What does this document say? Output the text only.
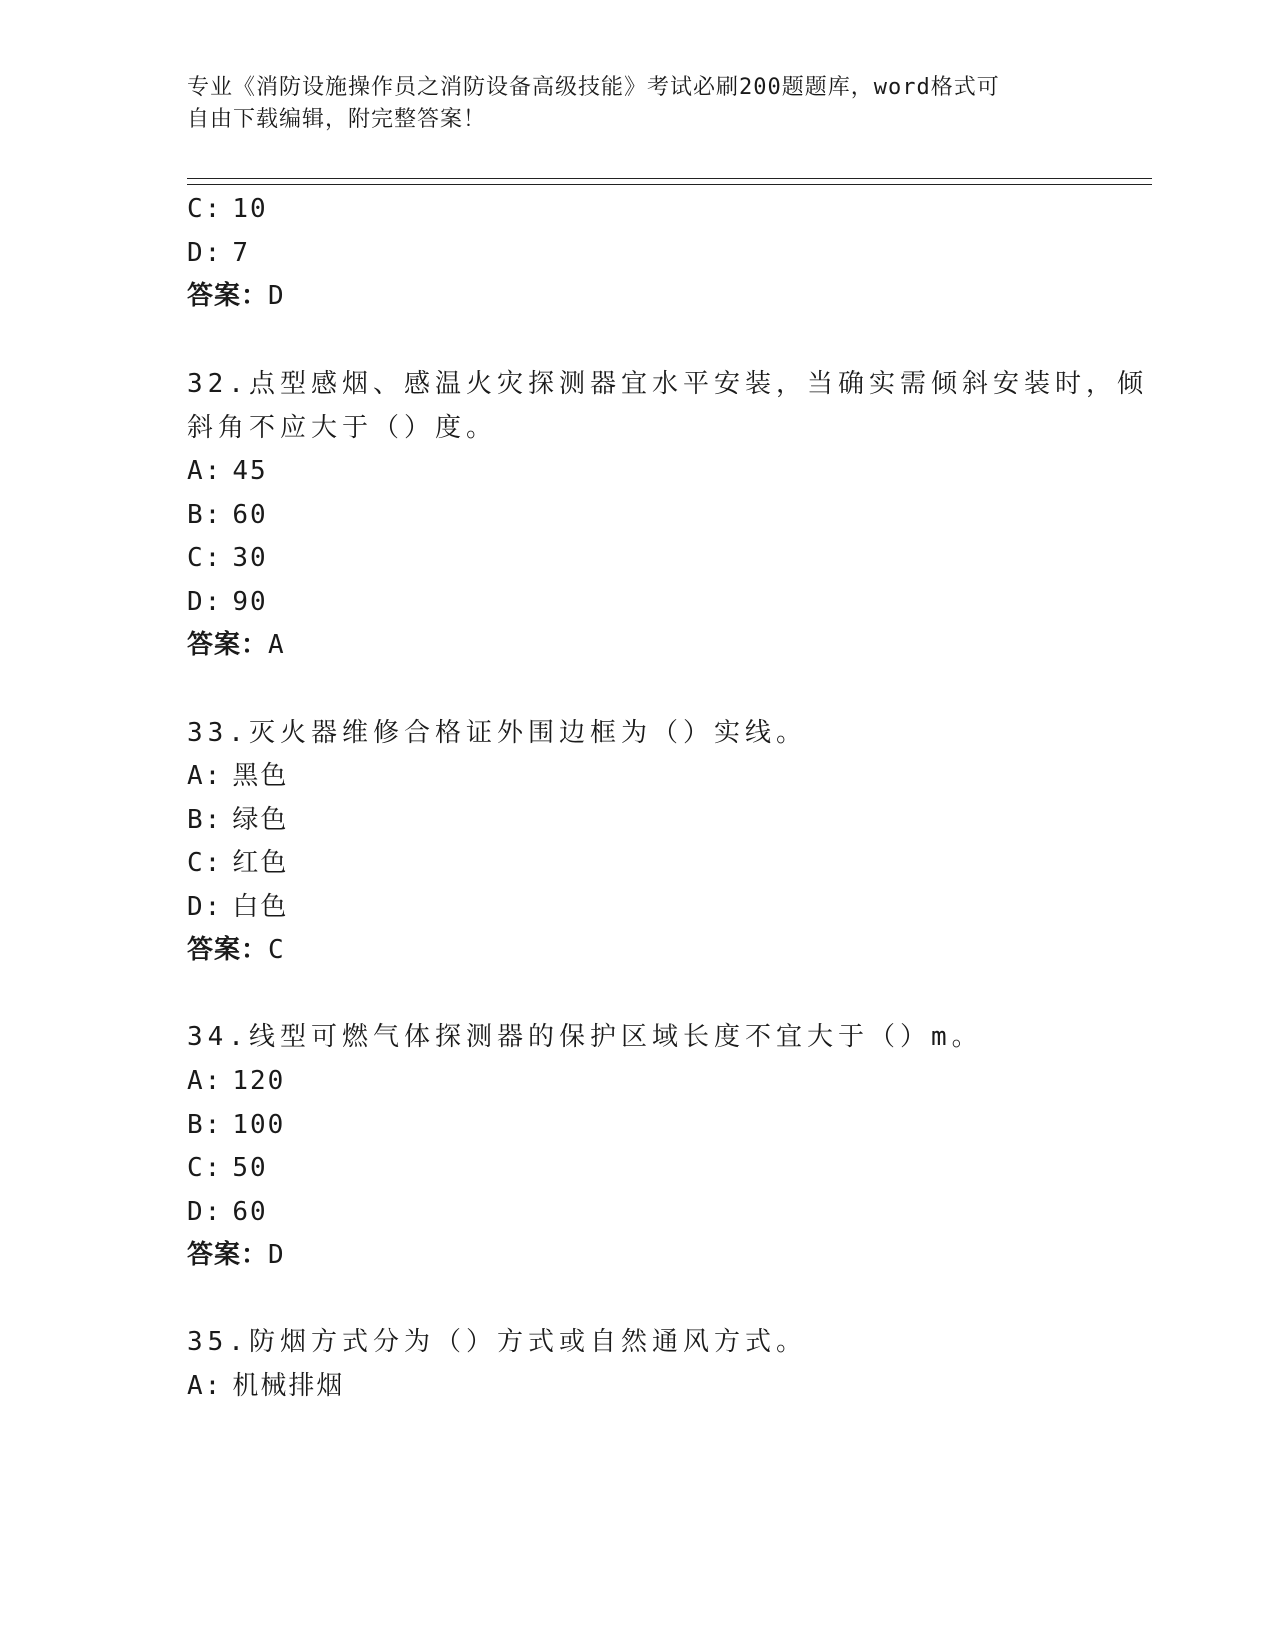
专业《消防设施操作员之消防设备高级技能》考试必刷200题题库，word格式可
自由下载编辑，附完整答案！
C: 10
D: 7
答案：D
32.点型感烟、感温火灾探测器宜水平安装，当确实需倾斜安装时，倾
斜角不应大于（）度。
A: 45
B: 60
C: 30
D: 90
答案：A
33.灭火器维修合格证外围边框为（）实线。
A: 黑色
B: 绿色
C: 红色
D: 白色
答案：C
34.线型可燃气体探测器的保护区域长度不宜大于（）m。
A: 120
B: 100
C: 50
D: 60
答案：D
35.防烟方式分为（）方式或自然通风方式。
A: 机械排烟
